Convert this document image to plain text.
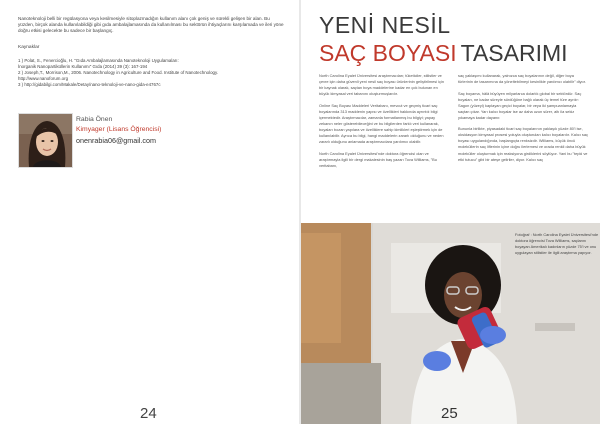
Nanoteknoloji belli bir regülasyona veya kesilmesiyle sitoplazmadığın kullanım alanı çok geniş ve sürekli gelişen bir alan. Bu yüzden, birçok alanda kullanılabildiği gibi gıda ambalajlamasında da kullanılması bu sektörün ihtiyaçlarını karşılamada ve ileri yöne doğru etkisi gelecekte bu sadece bir başlangıç.

Kaynaklar

1 ) Polat, S., Fenercioğlu, H. "Gıda Ambalajlamasında Nanoteknoloji Uygulamaları:
İnorganik Nanopartiküllerin Kullanımı" Gıda (2014) 39 (3): 167-194
2 ) Joseph,T., Morrison,M., 2006. Nanotechnology in Agriculture and Food. Institute of Nanotechnology.
http://www.nanoforum.org
3 ) http://gidabilgi.com/Makale/Detay/nano-teknoloji-ve-nano-gida-e4767c
Rabia Önen
Kimyager (Lisans Öğrencisi)
onenrabia06@gmail.com
24
YENİ NESİL
SAÇ BOYASI TASARIMI

North Carolina Eyalet Üniversitesi araştırmacıları; tüketiciler, stilistler ve çevre için daha güvenli yeni nesil saç boyası ürünlerinin geliştirilmesi için bir kaynak olarak, saçtan boya maddelerine kadar en çok bulunan en büyük kimyasal veri tabanını oluşturmuşlardır.

Online Saç Boyası Maddeleri Veritabanı, mevcut ve geçmiş ticari saç boyalarında 313 maddenin yapısı ve özellikleri hakkında ayrıntılı bilgi içermektedir. Araştırmacılar, zamanla formatlanmış bu bilgiyi; yapay zekanın neler gösterebileceğini ve bu bilgilerden farklı veri kullanarak, boyaları bozan yapılara ve özelliklere sahip kimlikleri eşleştirmek için de kullanılabilir. Ayrıca bu bilgi, hangi maddelerin zararlı olduğunu ve neden zararlı olduğunu anlamada araştırmacılara yardımcı olabilir.

North Carolina Eyalet Üniversitesi'nde doktora öğrencisi olan ve araştırmayla ilgili bir dergi makalesinin baş yazarı Tova Williams, "Bu veritabanı,

saç yaklaşımı kullanarak, yalnızca saç boyalarının değil, diğer boya türlerinin de tasarımına da yöneltebilmeyi kesinlikle yardımcı olabilir" diyor.

Saç boyama, hâlâ büyüyen milyarlarca dolarlık global bir sektördür. Saç boyaları, ne kadar süreyle sürdüğüne bağlı olarak üç temel türe ayrılır: Sagon (yüzeyi) kaplayan geçici boyalar, bir veya iki şampuanlamayla saçtan çıkar. Yarı kalıcı boyalar ise az daha uzun sürer, altı ila sekiz yıkamaya kadar dayanır.

Bununla birlikte, piyasadaki ticari saç boyalarının yaklaşık yüzde 80'i ise, oksidasyon kimyasal prosesi yoluyla oluşturulan kalıcı boyalardır. Kalıcı saç boyası uygulandığında, başlangıçta renksizdir. Williams, küçük öncü moleküllerin saç liflerinin içine doğru ilerlemesi ve orada renkli daha büyük moleküller oluşturmak için reaksiyona girdiklerini söylüyor. Yani bu "tepki ve etki tutucu" gibi bir ateşe geliriler, diyor. Kalıcı saç

Fotoğraf : North Carolina Eyalet Üniversitesi'nde doktora öğrencisi Tova Williams, saçlarını boyayan Amerikalı kadınların yüzde 75'i ve onu uygulayan stilistler ile ilgili araştırma yapıyor.
25
